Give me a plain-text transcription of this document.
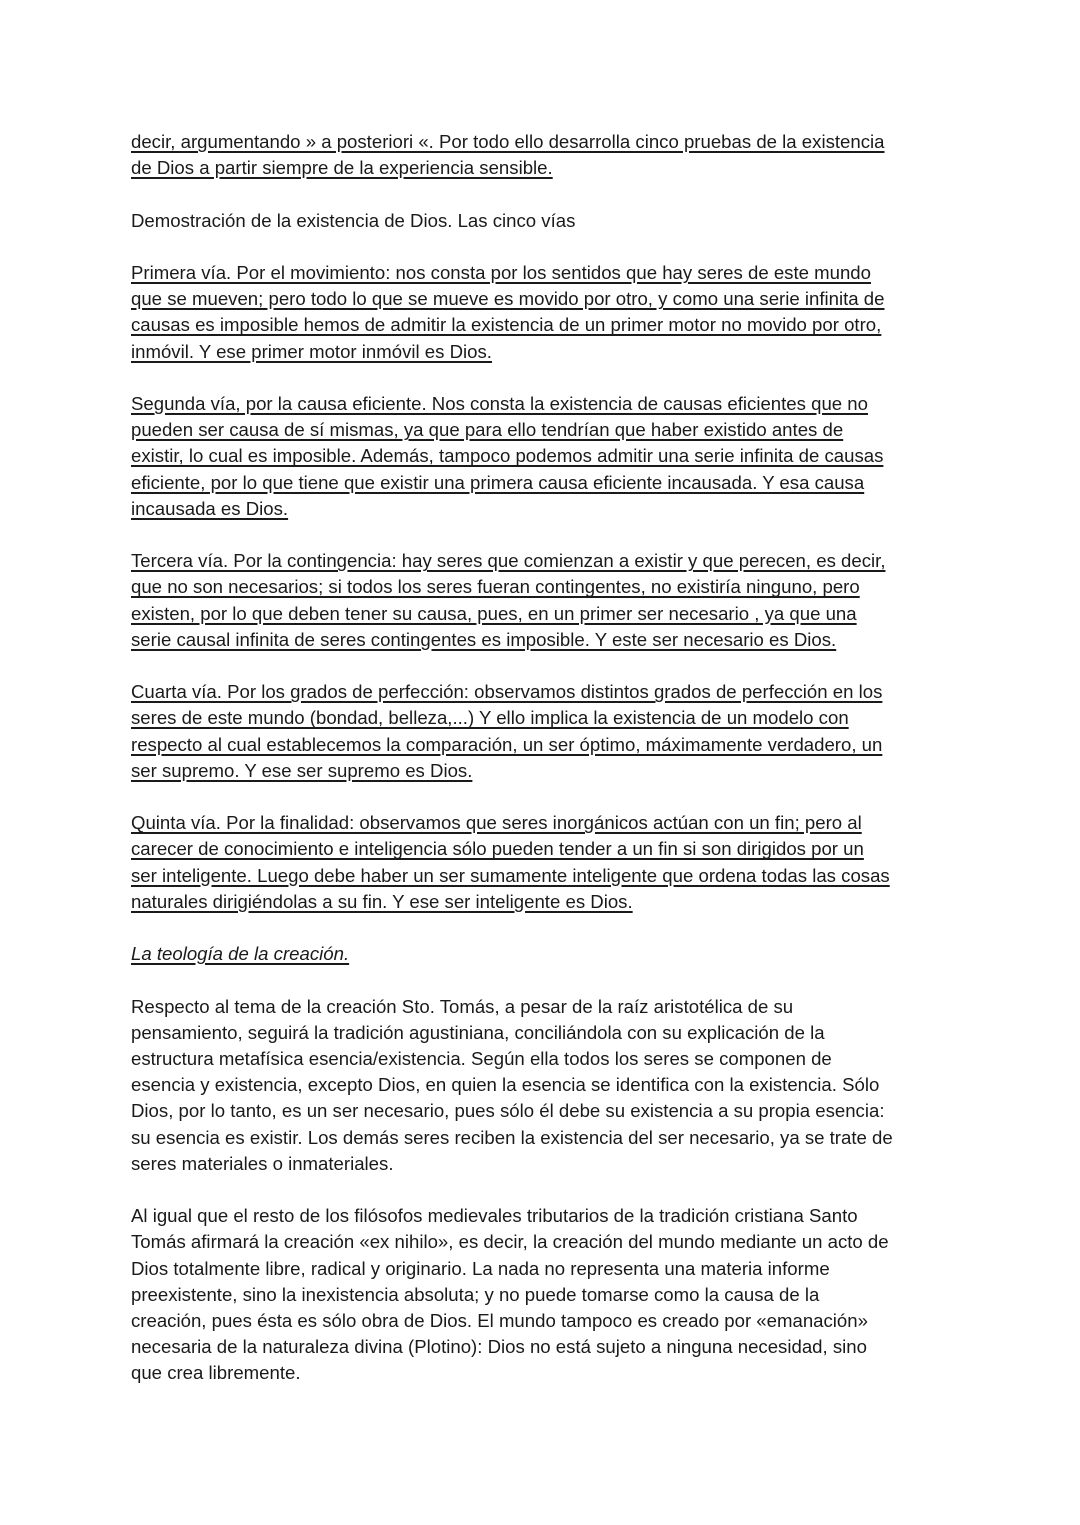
decir, argumentando » a posteriori «. Por todo ello desarrolla cinco pruebas de la existencia
de Dios a partir siempre de la experiencia sensible.
Demostración de la existencia de Dios. Las cinco vías
Primera vía. Por el movimiento: nos consta por los sentidos que hay seres de este mundo
que se mueven; pero todo lo que se mueve es movido por otro, y como una serie infinita de
causas es imposible hemos de admitir la existencia de un primer motor no movido por otro,
inmóvil. Y ese primer motor inmóvil es Dios.
Segunda vía, por la causa eficiente. Nos consta la existencia de causas eficientes que no
pueden ser causa de sí mismas, ya que para ello tendrían que haber existido antes de
existir, lo cual es imposible. Además, tampoco podemos admitir una serie infinita de causas
eficiente, por lo que tiene que existir una primera causa eficiente incausada. Y esa causa
incausada es Dios.
Tercera vía. Por la contingencia: hay seres que comienzan a existir y que perecen, es decir,
que no son necesarios; si todos los seres fueran contingentes, no existiría ninguno, pero
existen, por lo que deben tener su causa, pues, en un primer ser necesario , ya que una
serie causal infinita de seres contingentes es imposible. Y este ser necesario es Dios.
Cuarta vía. Por los grados de perfección: observamos distintos grados de perfección en los
seres de este mundo (bondad, belleza,...) Y ello implica la existencia de un modelo con
respecto al cual establecemos la comparación, un ser óptimo, máximamente verdadero, un
ser supremo. Y ese ser supremo es Dios.
Quinta vía. Por la finalidad: observamos que seres inorgánicos actúan con un fin; pero al
carecer de conocimiento e inteligencia sólo pueden tender a un fin si son dirigidos por un
ser inteligente. Luego debe haber un ser sumamente inteligente que ordena todas las cosas
naturales dirigiéndolas a su fin. Y ese ser inteligente es Dios.
La teología de la creación.
Respecto al tema de la creación Sto. Tomás, a pesar de la raíz aristotélica de su
pensamiento, seguirá la tradición agustiniana, conciliándola con su explicación de la
estructura metafísica esencia/existencia. Según ella todos los seres se componen de
esencia y existencia, excepto Dios, en quien la esencia se identifica con la existencia. Sólo
Dios, por lo tanto, es un ser necesario, pues sólo él debe su existencia a su propia esencia:
su esencia es existir. Los demás seres reciben la existencia del ser necesario, ya se trate de
seres materiales o inmateriales.
Al igual que el resto de los filósofos medievales tributarios de la tradición cristiana Santo
Tomás afirmará la creación «ex nihilo», es decir, la creación del mundo mediante un acto de
Dios totalmente libre, radical y originario. La nada no representa una materia informe
preexistente, sino la inexistencia absoluta; y no puede tomarse como la causa de la
creación, pues ésta es sólo obra de Dios. El mundo tampoco es creado por «emanación»
necesaria de la naturaleza divina (Plotino): Dios no está sujeto a ninguna necesidad, sino
que crea libremente.
